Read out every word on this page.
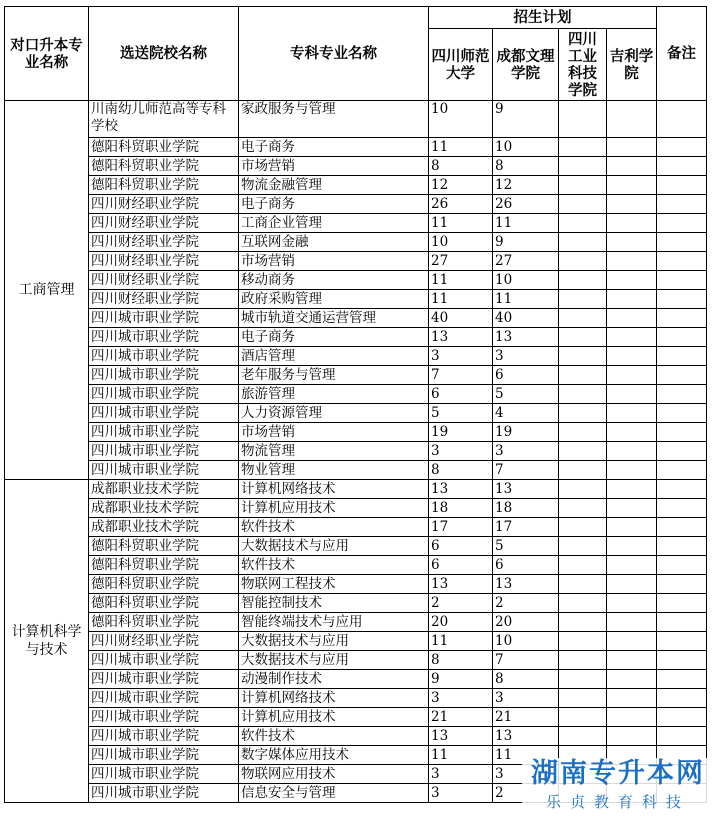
对口升本专业名称	选送院校名称	专科专业名称	招生计划				备注
			四川师范大学	成都文理学院	四川工业科技学院	吉利学院	
工商管理	川南幼儿师范高等专科学校	家政服务与管理	10	9			
	德阳科贸职业学院	电子商务	11	10			
	德阳科贸职业学院	市场营销	8	8			
	德阳科贸职业学院	物流金融管理	12	12			
	四川财经职业学院	电子商务	26	26			
	四川财经职业学院	工商企业管理	11	11			
	四川财经职业学院	互联网金融	10	9			
	四川财经职业学院	市场营销	27	27			
	四川财经职业学院	移动商务	11	10			
	四川财经职业学院	政府采购管理	11	11			
	四川城市职业学院	城市轨道交通运营管理	40	40			
	四川城市职业学院	电子商务	13	13			
	四川城市职业学院	酒店管理	3	3			
	四川城市职业学院	老年服务与管理	7	6			
	四川城市职业学院	旅游管理	6	5			
	四川城市职业学院	人力资源管理	5	4			
	四川城市职业学院	市场营销	19	19			
	四川城市职业学院	物流管理	3	3			
	四川城市职业学院	物业管理	8	7			
计算机科学与技术	成都职业技术学院	计算机网络技术	13	13			
	成都职业技术学院	计算机应用技术	18	18			
	成都职业技术学院	软件技术	17	17			
	德阳科贸职业学院	大数据技术与应用	6	5			
	德阳科贸职业学院	软件技术	6	6			
	德阳科贸职业学院	物联网工程技术	13	13			
	德阳科贸职业学院	智能控制技术	2	2			
	德阳科贸职业学院	智能终端技术与应用	20	20			
	四川财经职业学院	大数据技术与应用	11	10			
	四川城市职业学院	大数据技术与应用	8	7			
	四川城市职业学院	动漫制作技术	9	8			
	四川城市职业学院	计算机网络技术	3	3			
	四川城市职业学院	计算机应用技术	21	21			
	四川城市职业学院	软件技术	13	13			
	四川城市职业学院	数字媒体应用技术	11	11			
	四川城市职业学院	物联网应用技术	3	3			
	四川城市职业学院	信息安全与管理	3	2			
湖南专升本网
乐贞教育科技
